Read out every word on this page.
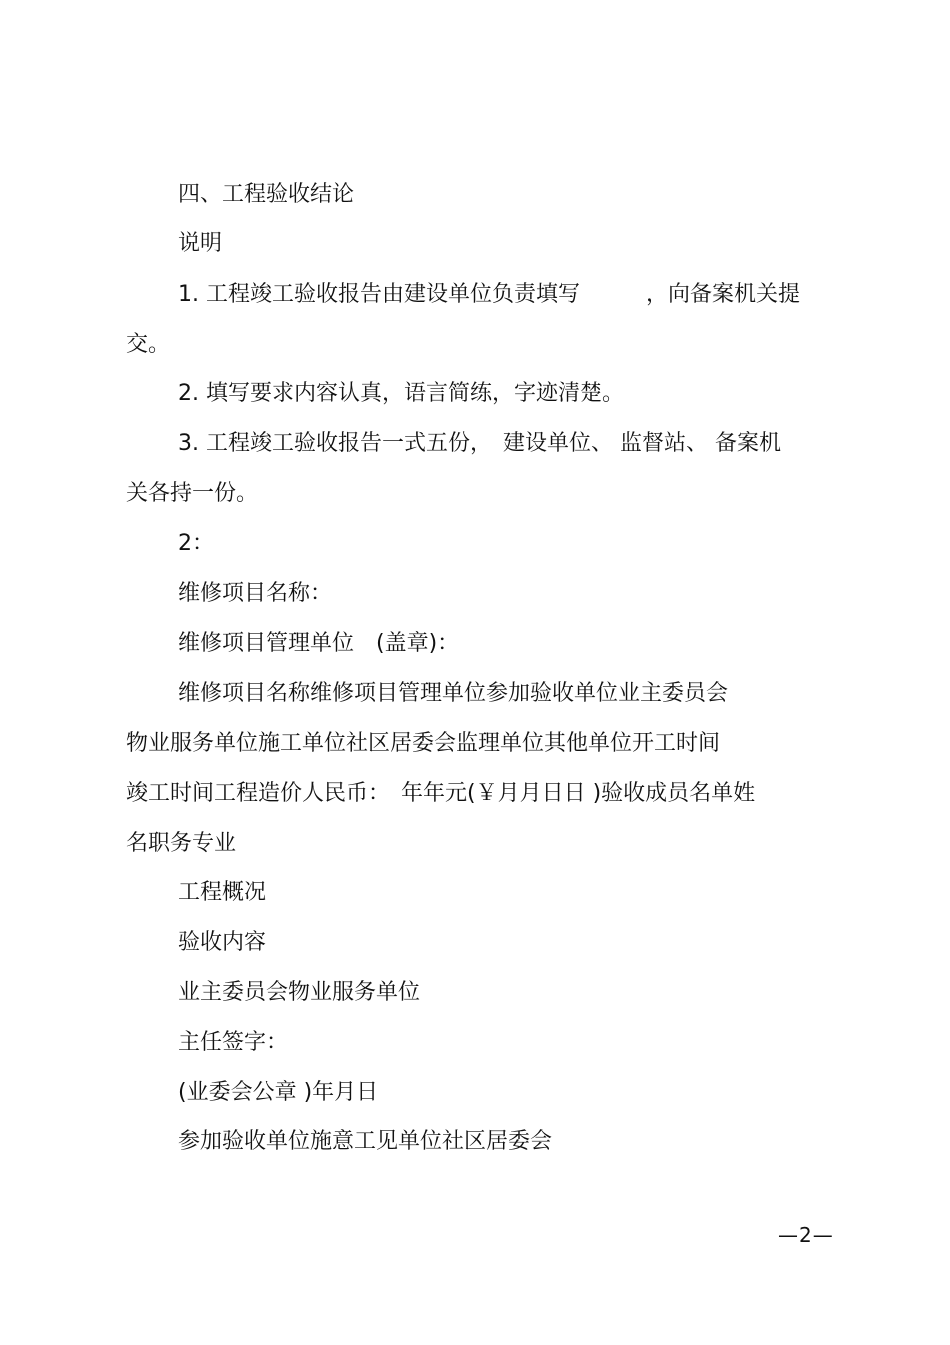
四、工程验收结论

说明

1. 工程竣工验收报告由建设单位负责填写　　　，向备案机关提

交。

2. 填写要求内容认真，语言简练，字迹清楚。

3. 工程竣工验收报告一式五份，　建设单位、 监督站、 备案机

关各持一份。

2：

维修项目名称：

维修项目管理单位　(盖章)：

维修项目名称维修项目管理单位参加验收单位业主委员会

物业服务单位施工单位社区居委会监理单位其他单位开工时间

竣工时间工程造价人民币：　年年元(￥月月日日 )验收成员名单姓

名职务专业

工程概况

验收内容

业主委员会物业服务单位

主任签字：

(业委会公章 )年月日

参加验收单位施意工见单位社区居委会

—2—
